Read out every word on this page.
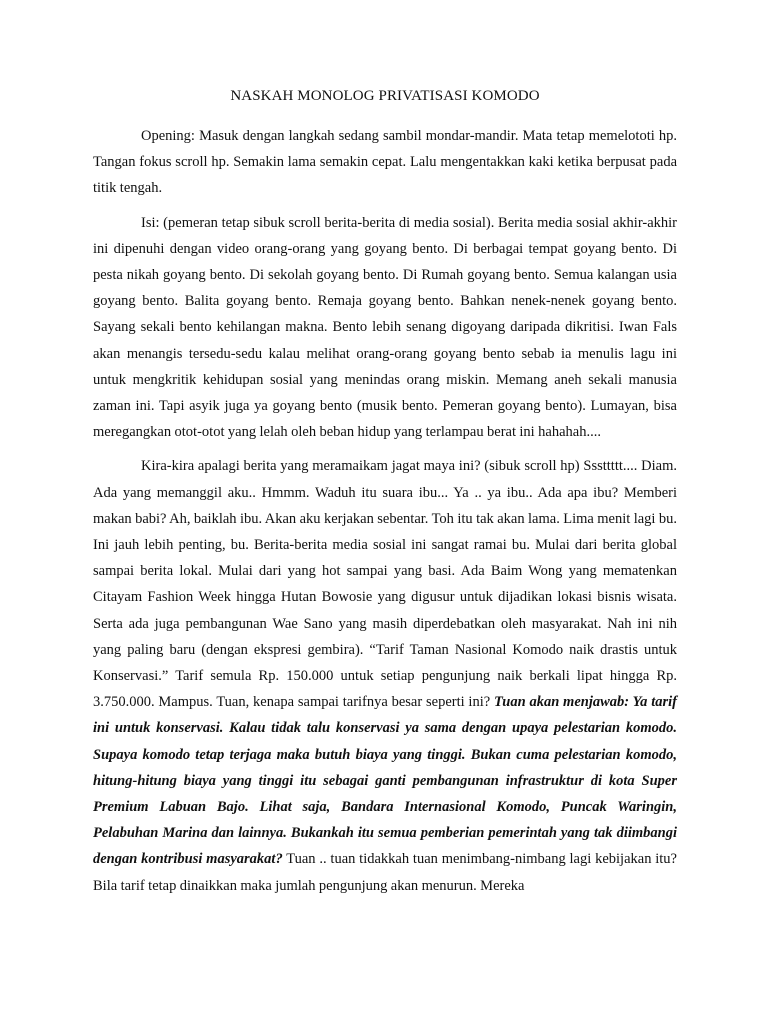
NASKAH MONOLOG PRIVATISASI KOMODO

Opening: Masuk dengan langkah sedang sambil mondar-mandir. Mata tetap memelototi hp. Tangan fokus scroll hp. Semakin lama semakin cepat. Lalu mengentakkan kaki ketika berpusat pada titik tengah.

Isi: (pemeran tetap sibuk scroll berita-berita di media sosial). Berita media sosial akhir-akhir ini dipenuhi dengan video orang-orang yang goyang bento. Di berbagai tempat goyang bento. Di pesta nikah goyang bento. Di sekolah goyang bento. Di Rumah goyang bento. Semua kalangan usia goyang bento. Balita goyang bento. Remaja goyang bento. Bahkan nenek-nenek goyang bento. Sayang sekali bento kehilangan makna. Bento lebih senang digoyang daripada dikritisi. Iwan Fals akan menangis tersedu-sedu kalau melihat orang-orang goyang bento sebab ia menulis lagu ini untuk mengkritik kehidupan sosial yang menindas orang miskin. Memang aneh sekali manusia zaman ini. Tapi asyik juga ya goyang bento (musik bento. Pemeran goyang bento). Lumayan, bisa meregangkan otot-otot yang lelah oleh beban hidup yang terlampau berat ini hahahah....

Kira-kira apalagi berita yang meramaikam jagat maya ini? (sibuk scroll hp) Sssttttt.... Diam. Ada yang memanggil aku.. Hmmm. Waduh itu suara ibu... Ya .. ya ibu.. Ada apa ibu? Memberi makan babi? Ah, baiklah ibu. Akan aku kerjakan sebentar. Toh itu tak akan lama. Lima menit lagi bu. Ini jauh lebih penting, bu. Berita-berita media sosial ini sangat ramai bu. Mulai dari berita global sampai berita lokal. Mulai dari yang hot sampai yang basi. Ada Baim Wong yang mematenkan Citayam Fashion Week hingga Hutan Bowosie yang digusur untuk dijadikan lokasi bisnis wisata. Serta ada juga pembangunan Wae Sano yang masih diperdebatkan oleh masyarakat. Nah ini nih yang paling baru (dengan ekspresi gembira). “Tarif Taman Nasional Komodo naik drastis untuk Konservasi.” Tarif semula Rp. 150.000 untuk setiap pengunjung naik berkali lipat hingga Rp. 3.750.000. Mampus. Tuan, kenapa sampai tarifnya besar seperti ini? Tuan akan menjawab: Ya tarif ini untuk konservasi. Kalau tidak talu konservasi ya sama dengan upaya pelestarian komodo. Supaya komodo tetap terjaga maka butuh biaya yang tinggi. Bukan cuma pelestarian komodo, hitung-hitung biaya yang tinggi itu sebagai ganti pembangunan infrastruktur di kota Super Premium Labuan Bajo. Lihat saja, Bandara Internasional Komodo, Puncak Waringin, Pelabuhan Marina dan lainnya. Bukankah itu semua pemberian pemerintah yang tak diimbangi dengan kontribusi masyarakat? Tuan .. tuan tidakkah tuan menimbang-nimbang lagi kebijakan itu? Bila tarif tetap dinaikkan maka jumlah pengunjung akan menurun. Mereka
